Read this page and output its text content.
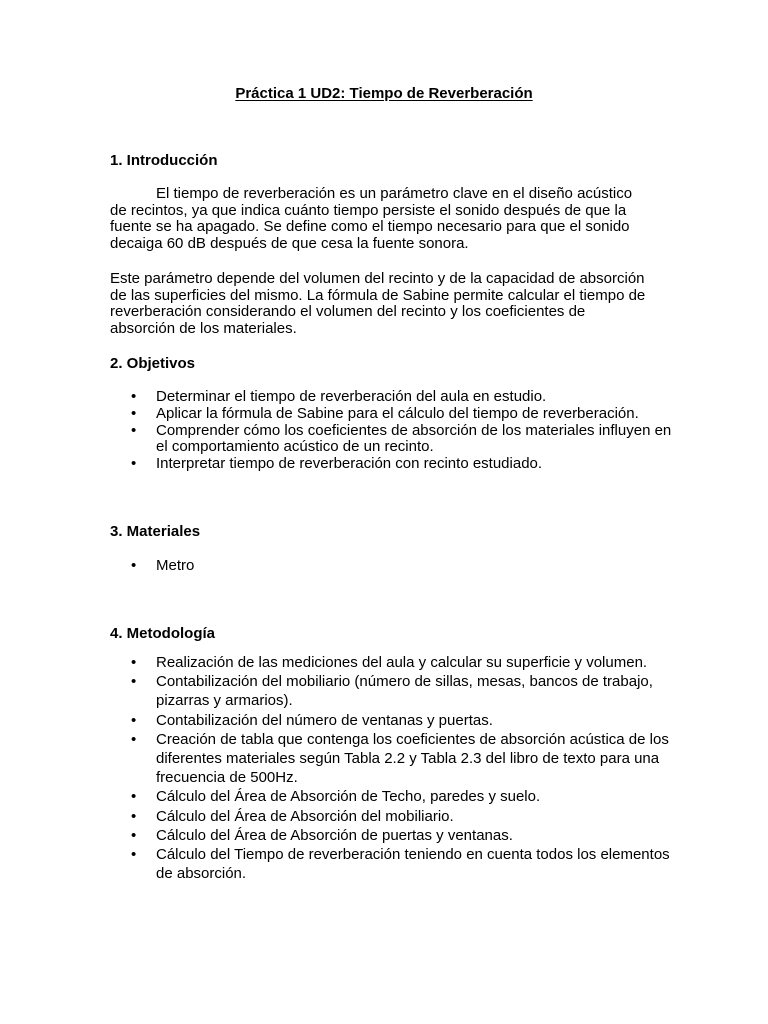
Práctica 1 UD2: Tiempo de Reverberación
1. Introducción
El tiempo de reverberación es un parámetro clave en el diseño acústico de recintos, ya que indica cuánto tiempo persiste el sonido después de que la fuente se ha apagado. Se define como el tiempo necesario para que el sonido decaiga 60 dB después de que cesa la fuente sonora.
Este parámetro depende del volumen del recinto y de la capacidad de absorción de las superficies del mismo. La fórmula de Sabine permite calcular el tiempo de reverberación considerando el volumen del recinto y los coeficientes de absorción de los materiales.
2. Objetivos
• Determinar el tiempo de reverberación del aula en estudio.
• Aplicar la fórmula de Sabine para el cálculo del tiempo de reverberación.
• Comprender cómo los coeficientes de absorción de los materiales influyen en el comportamiento acústico de un recinto.
• Interpretar tiempo de reverberación con recinto estudiado.
3. Materiales
• Metro
4. Metodología
• Realización de las mediciones del aula y calcular su superficie y volumen.
• Contabilización del mobiliario (número de sillas, mesas, bancos de trabajo, pizarras y armarios).
• Contabilización del número de ventanas y puertas.
• Creación de tabla que contenga los coeficientes de absorción acústica de los diferentes materiales según Tabla 2.2 y Tabla 2.3 del libro de texto para una frecuencia de 500Hz.
• Cálculo del Área de Absorción de Techo, paredes y suelo.
• Cálculo del Área de Absorción del mobiliario.
• Cálculo del Área de Absorción de puertas y ventanas.
• Cálculo del Tiempo de reverberación teniendo en cuenta todos los elementos de absorción.
